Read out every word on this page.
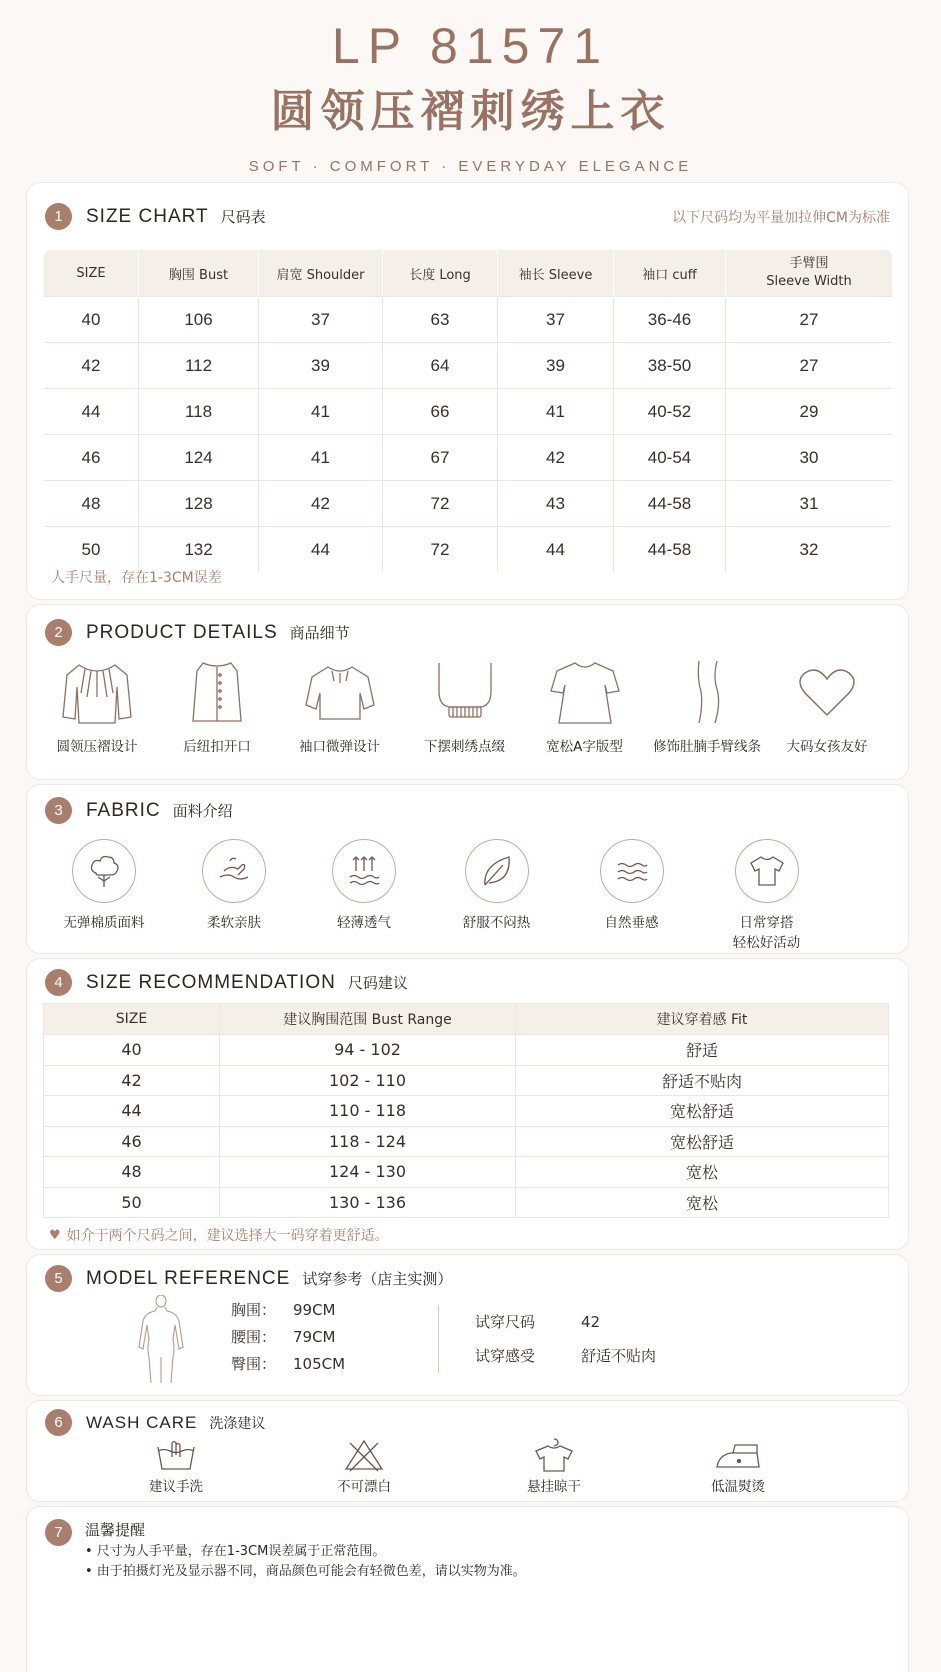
LP 81571
圆领压褶刺绣上衣
SOFT · COMFORT · EVERYDAY ELEGANCE
1	SIZE CHART 尺码表	以下尺码均为平量加拉伸CM为标准
SIZE	胸围 Bust	肩宽 Shoulder	长度 Long	袖长 Sleeve	袖口 cuff	手臂围
Sleeve Width

40	106	37	63	37	36-46	27
42	112	39	64	39	38-50	27
44	118	41	66	41	40-52	29
46	124	41	67	42	40-54	30
48	128	42	72	43	44-58	31
50	132	44	72	44	44-58	32
人手尺量，存在1-3CM误差
2	PRODUCT DETAILS 商品细节
圆领压褶设计	后纽扣开口	袖口微弹设计	下摆刺绣点缀	宽松A字版型 修饰肚腩手臂线条 大码女孩友好
3	FABRIC 面料介绍
无弹棉质面料	柔软亲肤	轻薄透气	舒服不闷热	自然垂感	日常穿搭
轻松好活动
4	SIZE RECOMMENDATION 尺码建议
SIZE	建议胸围范围 Bust Range	建议穿着感 Fit
40	94 - 102	舒适
42	102 - 110	舒适不贴肉
44	110 - 118	宽松舒适
46	118 - 124	宽松舒适
48	124 - 130	宽松
50	130 - 136	宽松
♥ 如介于两个尺码之间，建议选择大一码穿着更舒适。
5	MODEL REFERENCE 试穿参考（店主实测）
胸围：	99CM
腰围：	79CM
臀围：	105CM
试穿尺码	42
试穿感受	舒适不贴肉
6	WASH CARE 洗涤建议
建议手洗	不可漂白	悬挂晾干	低温熨烫
7	温馨提醒
• 尺寸为人手平量，存在1-3CM误差属于正常范围。
• 由于拍摄灯光及显示器不同，商品颜色可能会有轻微色差，请以实物为准。
